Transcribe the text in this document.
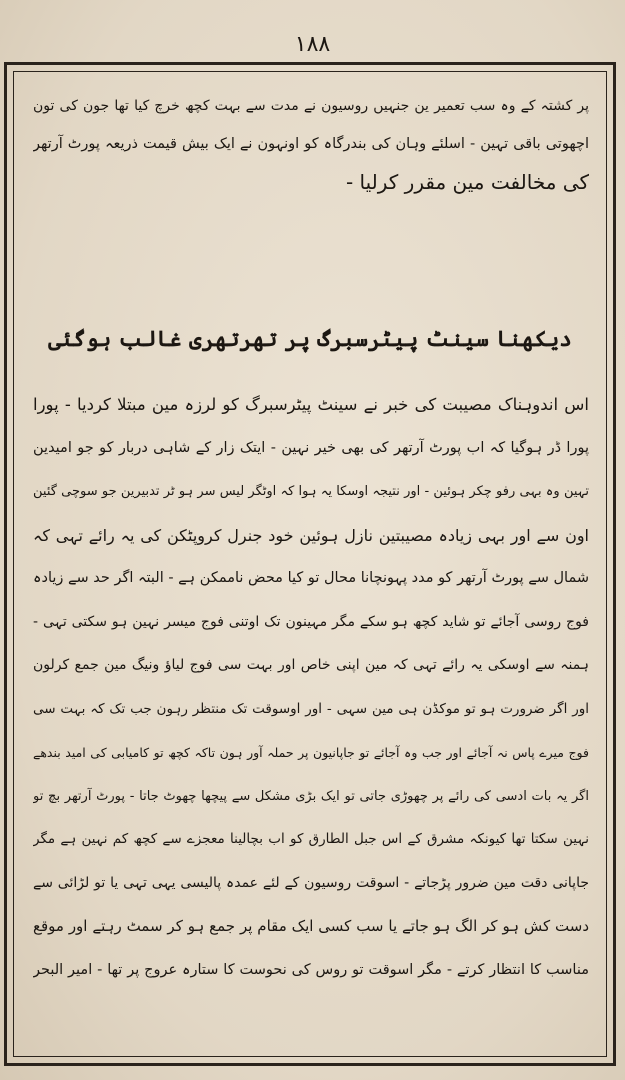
۱۸۸
پر کشتہ کے وہ سب تعمیر ین جنہیں روسیون نے مدت سے بہت کچھ خرچ کیا تھا جون کی تون
اچھوتی باقی تہین - اسلئے وہان کی بندرگاہ کو اونہون نے ایک بیش قیمت ذریعہ پورٹ آرتھر
کی مخالفت مین مقرر کرلیا -
دیکھنا سینٹ پیٹرسبرگ پر تھرتھری غالب ہوگئی
اس اندوہناک مصیبت کی خبر نے سینٹ پیٹرسبرگ کو لرزہ مین مبتلا کردیا - پورا
پورا ڈر ہوگیا کہ اب پورٹ آرتھر کی بھی خیر نہین - ایتک زار کے شاہی دربار کو جو امیدین
تہین وہ بہی رفو چکر ہوئین - اور نتیجہ اوسکا یہ ہوا کہ اوٹگر لیس سر ہو ٹر تدبیرین جو سوچی گئین
اون سے اور بہی زیادہ مصیبتین نازل ہوئین خود جنرل کروپٹکن کی یہ رائے تہی کہ
شمال سے پورٹ آرتھر کو مدد پہونچانا محال تو کیا محض ناممکن ہے - البتہ اگر حد سے زیادہ
فوج روسی آجائے تو شاید کچھ ہو سکے مگر مہینون تک اوتنی فوج میسر نہین ہو سکتی تہی -
ہمنہ سے اوسکی یہ رائے تہی کہ مین اپنی خاص اور بہت سی فوج لیاؤ ونیگ مین جمع کرلون
اور اگر ضرورت ہو تو موکڈن ہی مین سہی - اور اوسوقت تک منتظر رہون جب تک کہ بہت سی
فوج میرے پاس نہ آجائے اور جب وہ آجائے تو جاپانیون پر حملہ آور ہون تاکہ کچھ تو کامیابی کی امید بندھے
اگر یہ بات ادسی کی رائے پر چھوڑی جاتی تو ایک بڑی مشکل سے پیچھا چھوٹ جاتا - پورٹ آرتھر بچ تو
نہین سکتا تھا کیونکہ مشرق کے اس جبل الطارق کو اب بچالینا معجزے سے کچھ کم نہین ہے مگر
جاپانی دقت مین ضرور پڑجاتے - اسوقت روسیون کے لئے عمدہ پالیسی یہی تہی یا تو لڑائی سے
دست کش ہو کر الگ ہو جاتے یا سب کسی ایک مقام پر جمع ہو کر سمٹ رہتے اور موقع
مناسب کا انتظار کرتے - مگر اسوقت تو روس کی نحوست کا ستارہ عروج پر تھا - امیر البحر
